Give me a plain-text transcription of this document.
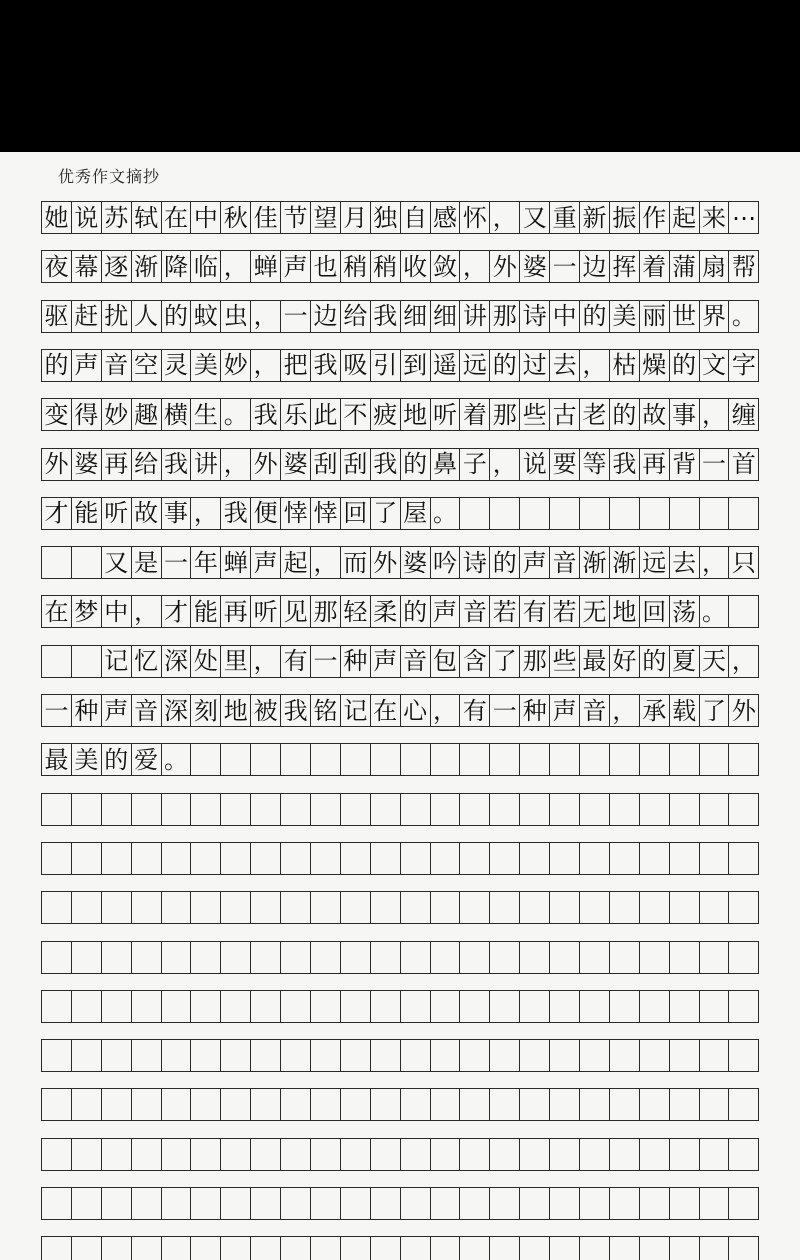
优秀作文摘抄
她 说 苏 轼 在 中 秋 佳 节 望 月 独 自 感 怀 ， 又 重 新 振 作 起 来 ⋯
夜 幕 逐 渐 降 临 ， 蝉 声 也 稍 稍 收 敛 ， 外 婆 一 边 挥 着 蒲 扇 帮
驱 赶 扰 人 的 蚊 虫 ， 一 边 给 我 细 细 讲 那 诗 中 的 美 丽 世 界 。
的 声 音 空 灵 美 妙 ， 把 我 吸 引 到 遥 远 的 过 去 ， 枯 燥 的 文 字
变 得 妙 趣 横 生 。 我 乐 此 不 疲 地 听 着 那 些 古 老 的 故 事 ， 缠
外 婆 再 给 我 讲 ， 外 婆 刮 刮 我 的 鼻 子 ， 说 要 等 我 再 背 一 首
才 能 听 故 事 ， 我 便 悻 悻 回 了 屋 。
又 是 一 年 蝉 声 起 ， 而 外 婆 吟 诗 的 声 音 渐 渐 远 去 ， 只
在 梦 中 ， 才 能 再 听 见 那 轻 柔 的 声 音 若 有 若 无 地 回 荡 。
记 忆 深 处 里 ， 有 一 种 声 音 包 含 了 那 些 最 好 的 夏 天 ，
一 种 声 音 深 刻 地 被 我 铭 记 在 心 ， 有 一 种 声 音 ， 承 载 了 外
最 美 的 爱 。
